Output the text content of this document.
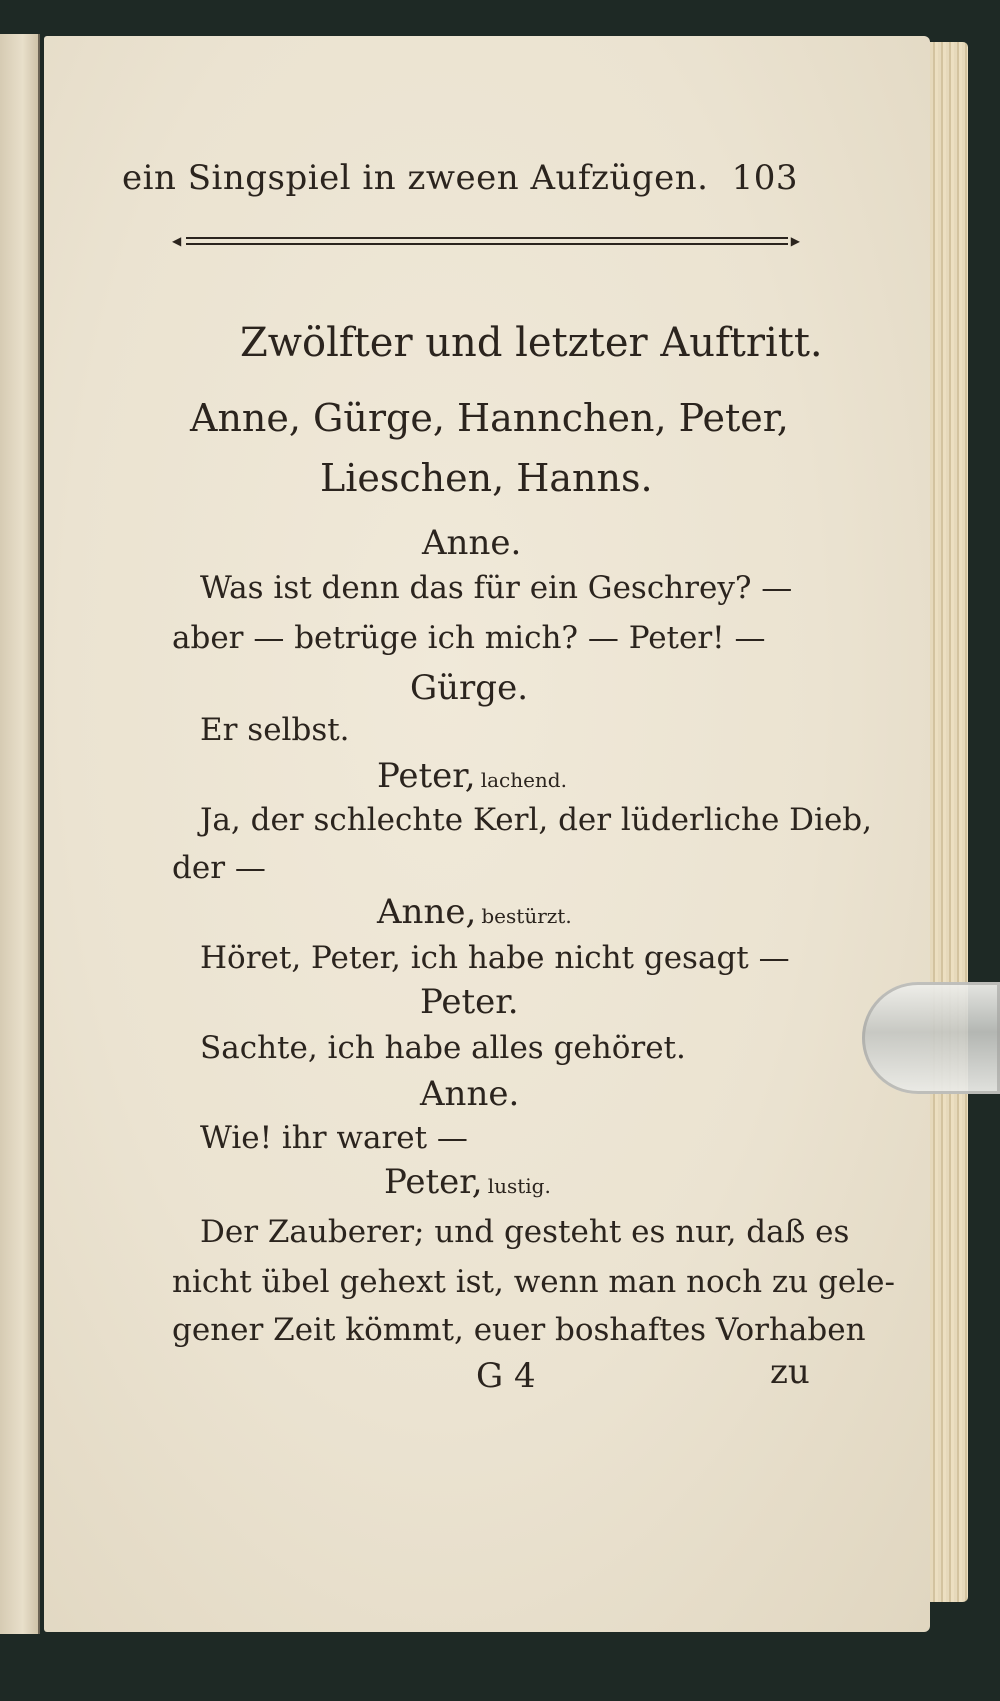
ein Singspiel in zween Aufzügen. 103
◀	▶
Zwölfter und letzter Auftritt.
Anne, Gürge, Hannchen, Peter,
Lieschen, Hanns.
Anne.
Was ist denn das für ein Geschrey? —
aber — betrüge ich mich? — Peter! —
Gürge.
Er selbst.
Peter, lachend.
Ja, der schlechte Kerl, der lüderliche Dieb,
der —
Anne, bestürzt.
Höret, Peter, ich habe nicht gesagt —
Peter.
Sachte, ich habe alles gehöret.
Anne.
Wie! ihr waret —
Peter, lustig.
Der Zauberer; und gesteht es nur, daß es
nicht übel gehext ist, wenn man noch zu gele-
gener Zeit kömmt, euer boshaftes Vorhaben
G 4	zu
